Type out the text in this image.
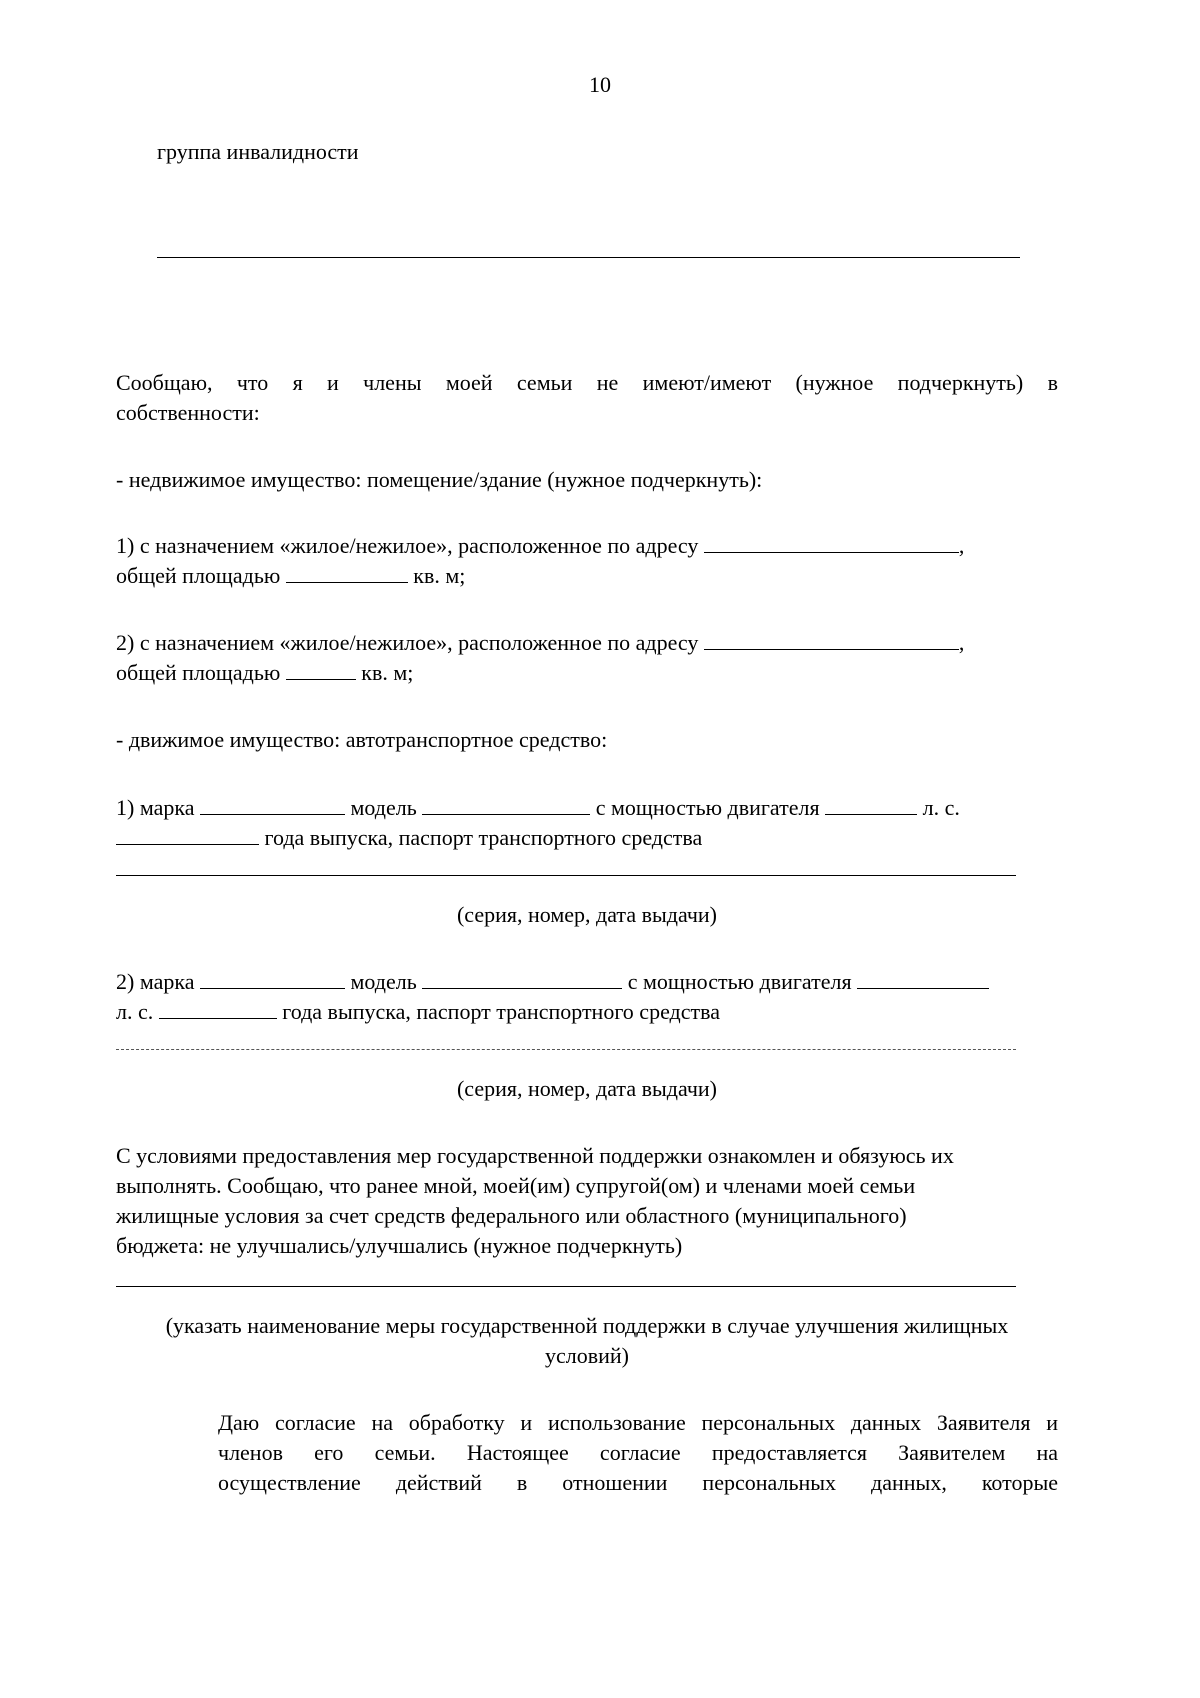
10
группа инвалидности
Сообщаю, что я и члены моей семьи не имеют/имеют (нужное подчеркнуть) в
собственности:
- недвижимое имущество: помещение/здание (нужное подчеркнуть):
1) с назначением «жилое/нежилое», расположенное по адресу	,
общей площадью	кв. м;
2) с назначением «жилое/нежилое», расположенное по адресу	,
общей площадью	кв. м;
- движимое имущество: автотранспортное средство:
1) марка	модель	с мощностью двигателя	л. с.
года выпуска, паспорт транспортного средства
(серия, номер, дата выдачи)
2) марка	модель	с мощностью двигателя
л. с.	года выпуска, паспорт транспортного средства
(серия, номер, дата выдачи)
С условиями предоставления мер государственной поддержки ознакомлен и обязуюсь их
выполнять. Сообщаю, что ранее мной, моей(им) супругой(ом) и членами моей семьи
жилищные условия за счет средств федерального или областного (муниципального)
бюджета: не улучшались/улучшались (нужное подчеркнуть)
(указать наименование меры государственной поддержки в случае улучшения жилищных
условий)
Даю согласие на обработку и использование персональных данных Заявителя и
членов его семьи. Настоящее согласие предоставляется Заявителем на
осуществление действий в отношении персональных данных, которые
